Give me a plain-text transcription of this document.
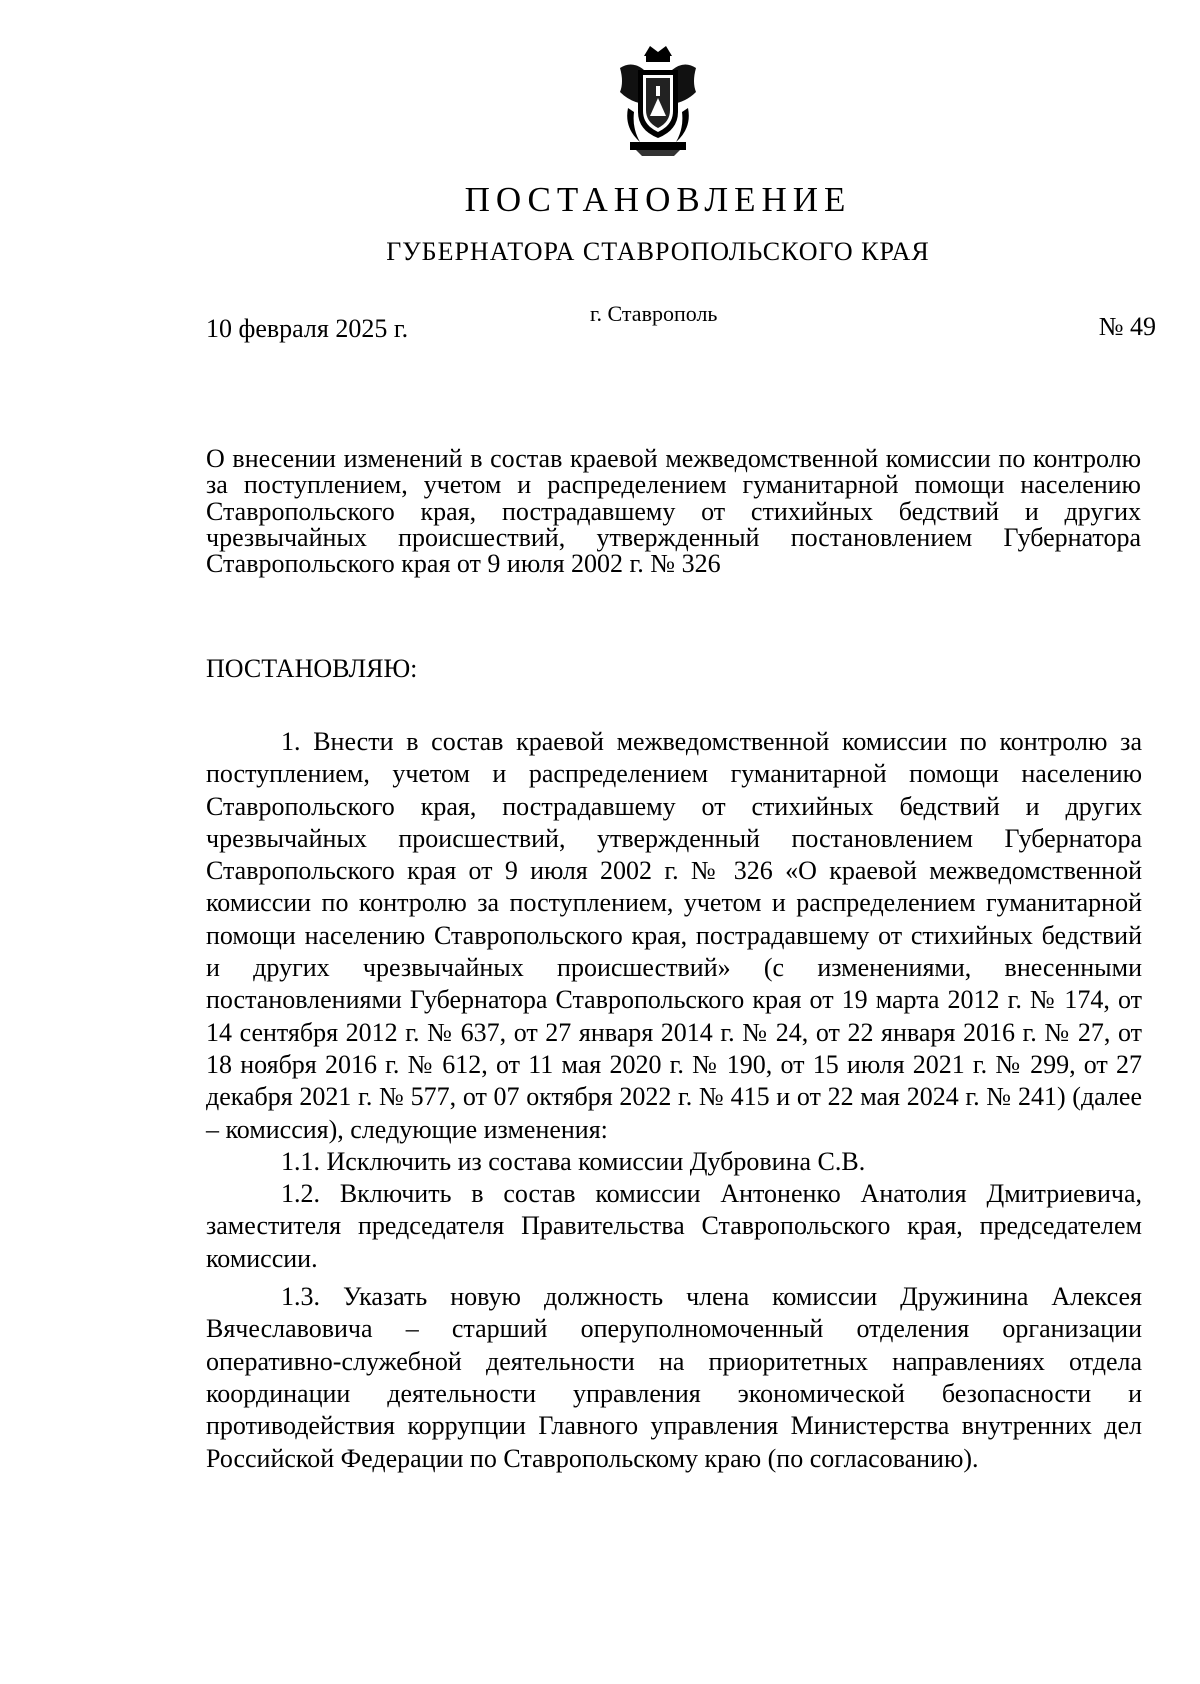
ПОСТАНОВЛЕНИЕ
ГУБЕРНАТОРА СТАВРОПОЛЬСКОГО КРАЯ
10 февраля 2025 г.
г. Ставрополь	№ 49

О внесении изменений в состав краевой межведомственной комиссии по контролю за поступлением, учетом и распределением гуманитарной помощи населению Ставропольского края, пострадавшему от стихийных бедствий и других чрезвычайных происшествий, утвержденный постановлением Губернатора Ставропольского края от 9 июля 2002 г. № 326

ПОСТАНОВЛЯЮ:

1. Внести в состав краевой межведомственной комиссии по контролю за поступлением, учетом и распределением гуманитарной помощи населению Ставропольского края, пострадавшему от стихийных бедствий и других чрезвычайных происшествий, утвержденный постановлением Губернатора Ставропольского края от 9 июля 2002 г. № 326 «О краевой межведомственной комиссии по контролю за поступлением, учетом и распределением гуманитарной помощи населению Ставропольского края, пострадавшему от стихийных бедствий и других чрезвычайных происшествий» (с изменениями, внесенными постановлениями Губернатора Ставропольского края от 19 марта 2012 г. № 174, от 14 сентября 2012 г. № 637, от 27 января 2014 г. № 24, от 22 января 2016 г. № 27, от 18 ноября 2016 г. № 612, от 11 мая 2020 г. № 190, от 15 июля 2021 г. № 299, от 27 декабря 2021 г. № 577, от 07 октября 2022 г. № 415 и от 22 мая 2024 г. № 241) (далее – комиссия), следующие изменения:

1.1. Исключить из состава комиссии Дубровина С.В.

1.2. Включить в состав комиссии Антоненко Анатолия Дмитриевича, заместителя председателя Правительства Ставропольского края, председателем комиссии.

1.3. Указать новую должность члена комиссии Дружинина Алексея Вячеславовича – старший оперуполномоченный отделения организации оперативно-служебной деятельности на приоритетных направлениях отдела координации деятельности управления экономической безопасности и противодействия коррупции Главного управления Министерства внутренних дел Российской Федерации по Ставропольскому краю (по согласованию).
